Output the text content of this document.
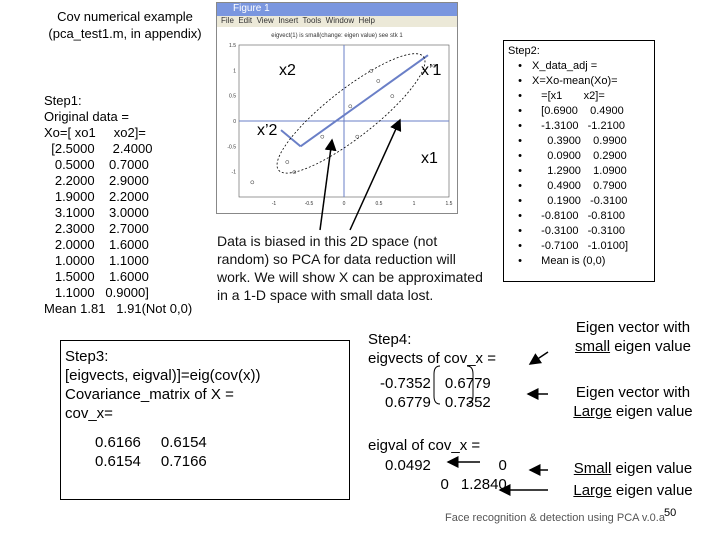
Cov numerical example (pca_test1.m, in appendix)
Step1:
Original data =
Xo=[ xo1     xo2]=
[2.5000     2.4000
0.5000    0.7000
2.2000    2.9000
1.9000    2.2000
3.1000    3.0000
2.3000    2.7000
2.0000    1.6000
1.0000    1.1000
1.5000    1.6000
1.1000   0.9000]
Mean 1.81   1.91(Not 0,0)
Figure 1
File  Edit  View  Insert  Tools  Window  Help
eigvect(1) is small(change: eigen value) see stk 1
1.5
1
0.5
0
-0.5
-1
-1	-0.5	0	0.5	1	1.5
x2	x’1
x’2
x1
Data is biased in this 2D space (not random) so PCA for data reduction will work. We will show X can be approximated in a 1-D space with small data lost.
Step2:
• X_data_adj =
• X=Xo-mean(Xo)=
• =[x1       x2]=
• [0.6900    0.4900
• -1.3100   -1.2100
• 0.3900    0.9900
• 0.0900    0.2900
• 1.2900    1.0900
• 0.4900    0.7900
• 0.1900   -0.3100
• -0.8100   -0.8100
• -0.3100   -0.3100
• -0.7100   -1.0100]
• Mean is (0,0)
Step3:
[eigvects, eigval)]=eig(cov(x))
Covariance_matrix of X =
cov_x=
0.6166	0.6154
0.6154	0.7166
Step4:
eigvects of cov_x =
-0.7352	0.6779
0.6779	0.7352
eigval of cov_x =
0.0492	0
0	1.2840
Eigen vector with
small eigen value
Eigen vector with
Large eigen value
Small eigen value
Large eigen value
Face recognition & detection using PCA v.0.a 50
